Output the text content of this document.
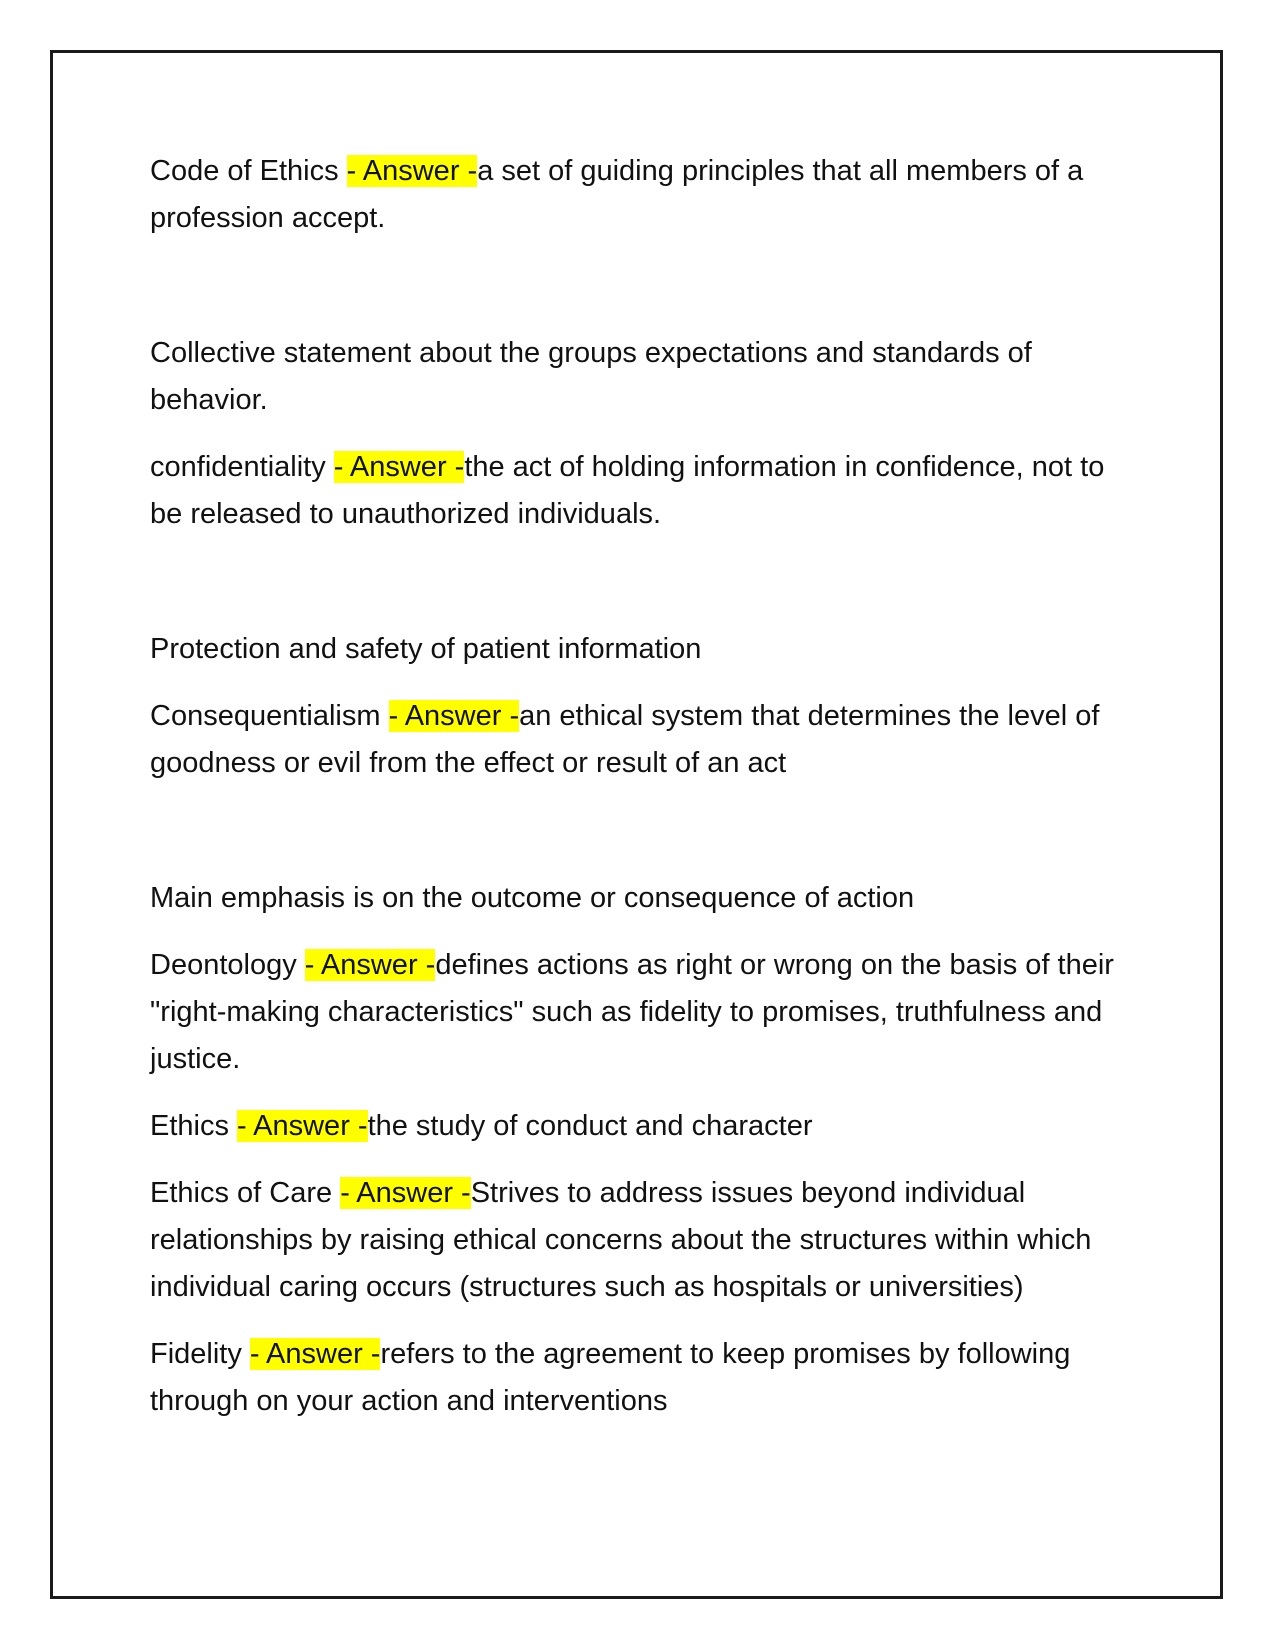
Code of Ethics - Answer -a set of guiding principles that all members of a profession accept.

Collective statement about the groups expectations and standards of behavior.

confidentiality - Answer -the act of holding information in confidence, not to be released to unauthorized individuals.

Protection and safety of patient information

Consequentialism - Answer -an ethical system that determines the level of goodness or evil from the effect or result of an act

Main emphasis is on the outcome or consequence of action

Deontology - Answer -defines actions as right or wrong on the basis of their "right-making characteristics" such as fidelity to promises, truthfulness and justice.

Ethics - Answer -the study of conduct and character

Ethics of Care - Answer -Strives to address issues beyond individual relationships by raising ethical concerns about the structures within which individual caring occurs (structures such as hospitals or universities)

Fidelity - Answer -refers to the agreement to keep promises by following through on your action and interventions
